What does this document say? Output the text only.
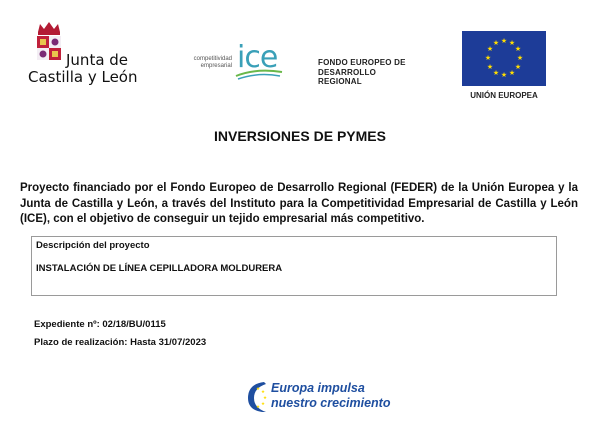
Junta de
Castilla y León
competitividad
empresarial ice	FONDO EUROPEO DE
DESARROLLO
REGIONAL
★ ★
★
★
★
★
★
★
★
★
★
★
UNIÓN EUROPEA
INVERSIONES DE PYMES
Proyecto financiado por el Fondo Europeo de Desarrollo Regional (FEDER) de la Unión Europea y la Junta de Castilla y León, a través del Instituto para la Competitividad Empresarial de Castilla y León (ICE), con el objetivo de conseguir un tejido empresarial más competitivo.
Descripción del proyecto
INSTALACIÓN DE LÍNEA CEPILLADORA MOLDURERA
Expediente nº: 02/18/BU/0115
Plazo de realización: Hasta 31/07/2023
★
★
★
★
★
Europa impulsa
nuestro crecimiento
